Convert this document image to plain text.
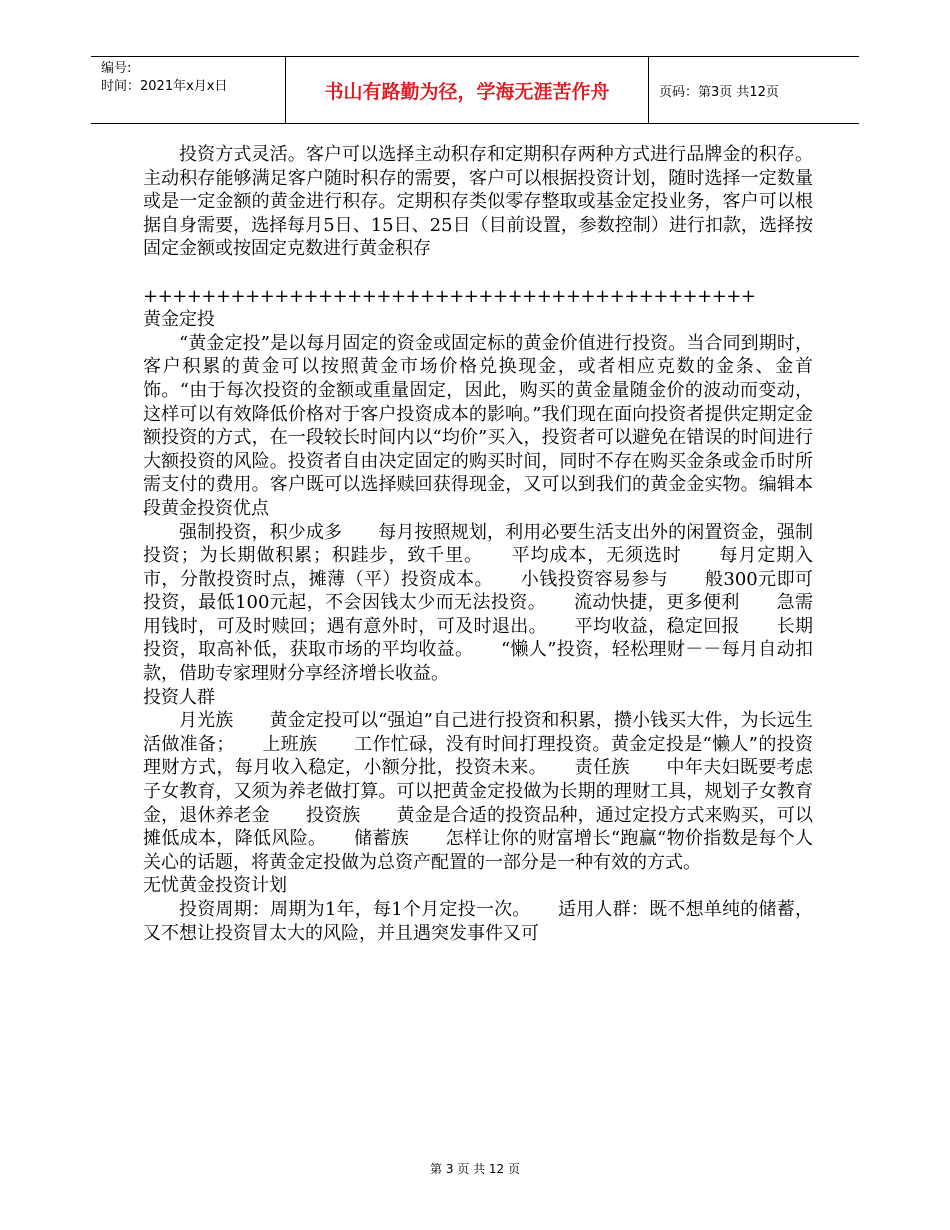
编号:
时间：2021年x月x日	书山有路勤为径，学海无涯苦作舟	页码：第3页 共12页

投资方式灵活。客户可以选择主动积存和定期积存两种方式进行品牌金的积存。主动积存能够满足客户随时积存的需要，客户可以根据投资计划，随时选择一定数量或是一定金额的黄金进行积存。定期积存类似零存整取或基金定投业务，客户可以根据自身需要，选择每月5日、15日、25日（目前设置，参数控制）进行扣款，选择按固定金额或按固定克数进行黄金积存

++++++++++++++++++++++++++++++++++++++++++

黄金定投

“黄金定投”是以每月固定的资金或固定标的黄金价值进行投资。当合同到期时，客户积累的黄金可以按照黄金市场价格兑换现金，或者相应克数的金条、金首饰。“由于每次投资的金额或重量固定，因此，购买的黄金量随金价的波动而变动，这样可以有效降低价格对于客户投资成本的影响。”我们现在面向投资者提供定期定金额投资的方式，在一段较长时间内以“均价”买入，投资者可以避免在错误的时间进行大额投资的风险。投资者自由决定固定的购买时间，同时不存在购买金条或金币时所需支付的费用。客户既可以选择赎回获得现金，又可以到我们的黄金金实物。编辑本段黄金投资优点

强制投资，积少成多　　每月按照规划，利用必要生活支出外的闲置资金，强制投资；为长期做积累；积跬步，致千里。　　平均成本，无须选时　　每月定期入市，分散投资时点，摊薄（平）投资成本。　　小钱投资容易参与　　般300元即可投资，最低100元起，不会因钱太少而无法投资。　　流动快捷，更多便利　　急需用钱时，可及时赎回；遇有意外时，可及时退出。　　平均收益，稳定回报　　长期投资，取高补低，获取市场的平均收益。　　“懒人”投资，轻松理财－－每月自动扣款，借助专家理财分享经济增长收益。

投资人群

月光族　　黄金定投可以“强迫”自己进行投资和积累，攒小钱买大件，为长远生活做准备；　　上班族　　工作忙碌，没有时间打理投资。黄金定投是“懒人”的投资理财方式，每月收入稳定，小额分批，投资未来。　　责任族　　中年夫妇既要考虑子女教育，又须为养老做打算。可以把黄金定投做为长期的理财工具，规划子女教育金，退休养老金　　投资族　　黄金是合适的投资品种，通过定投方式来购买，可以摊低成本，降低风险。　　储蓄族　　怎样让你的财富增长“跑赢“物价指数是每个人关心的话题，将黄金定投做为总资产配置的一部分是一种有效的方式。

无忧黄金投资计划

投资周期：周期为1年，每1个月定投一次。　　适用人群：既不想单纯的储蓄，又不想让投资冒太大的风险，并且遇突发事件又可

第 3 页 共 12 页
